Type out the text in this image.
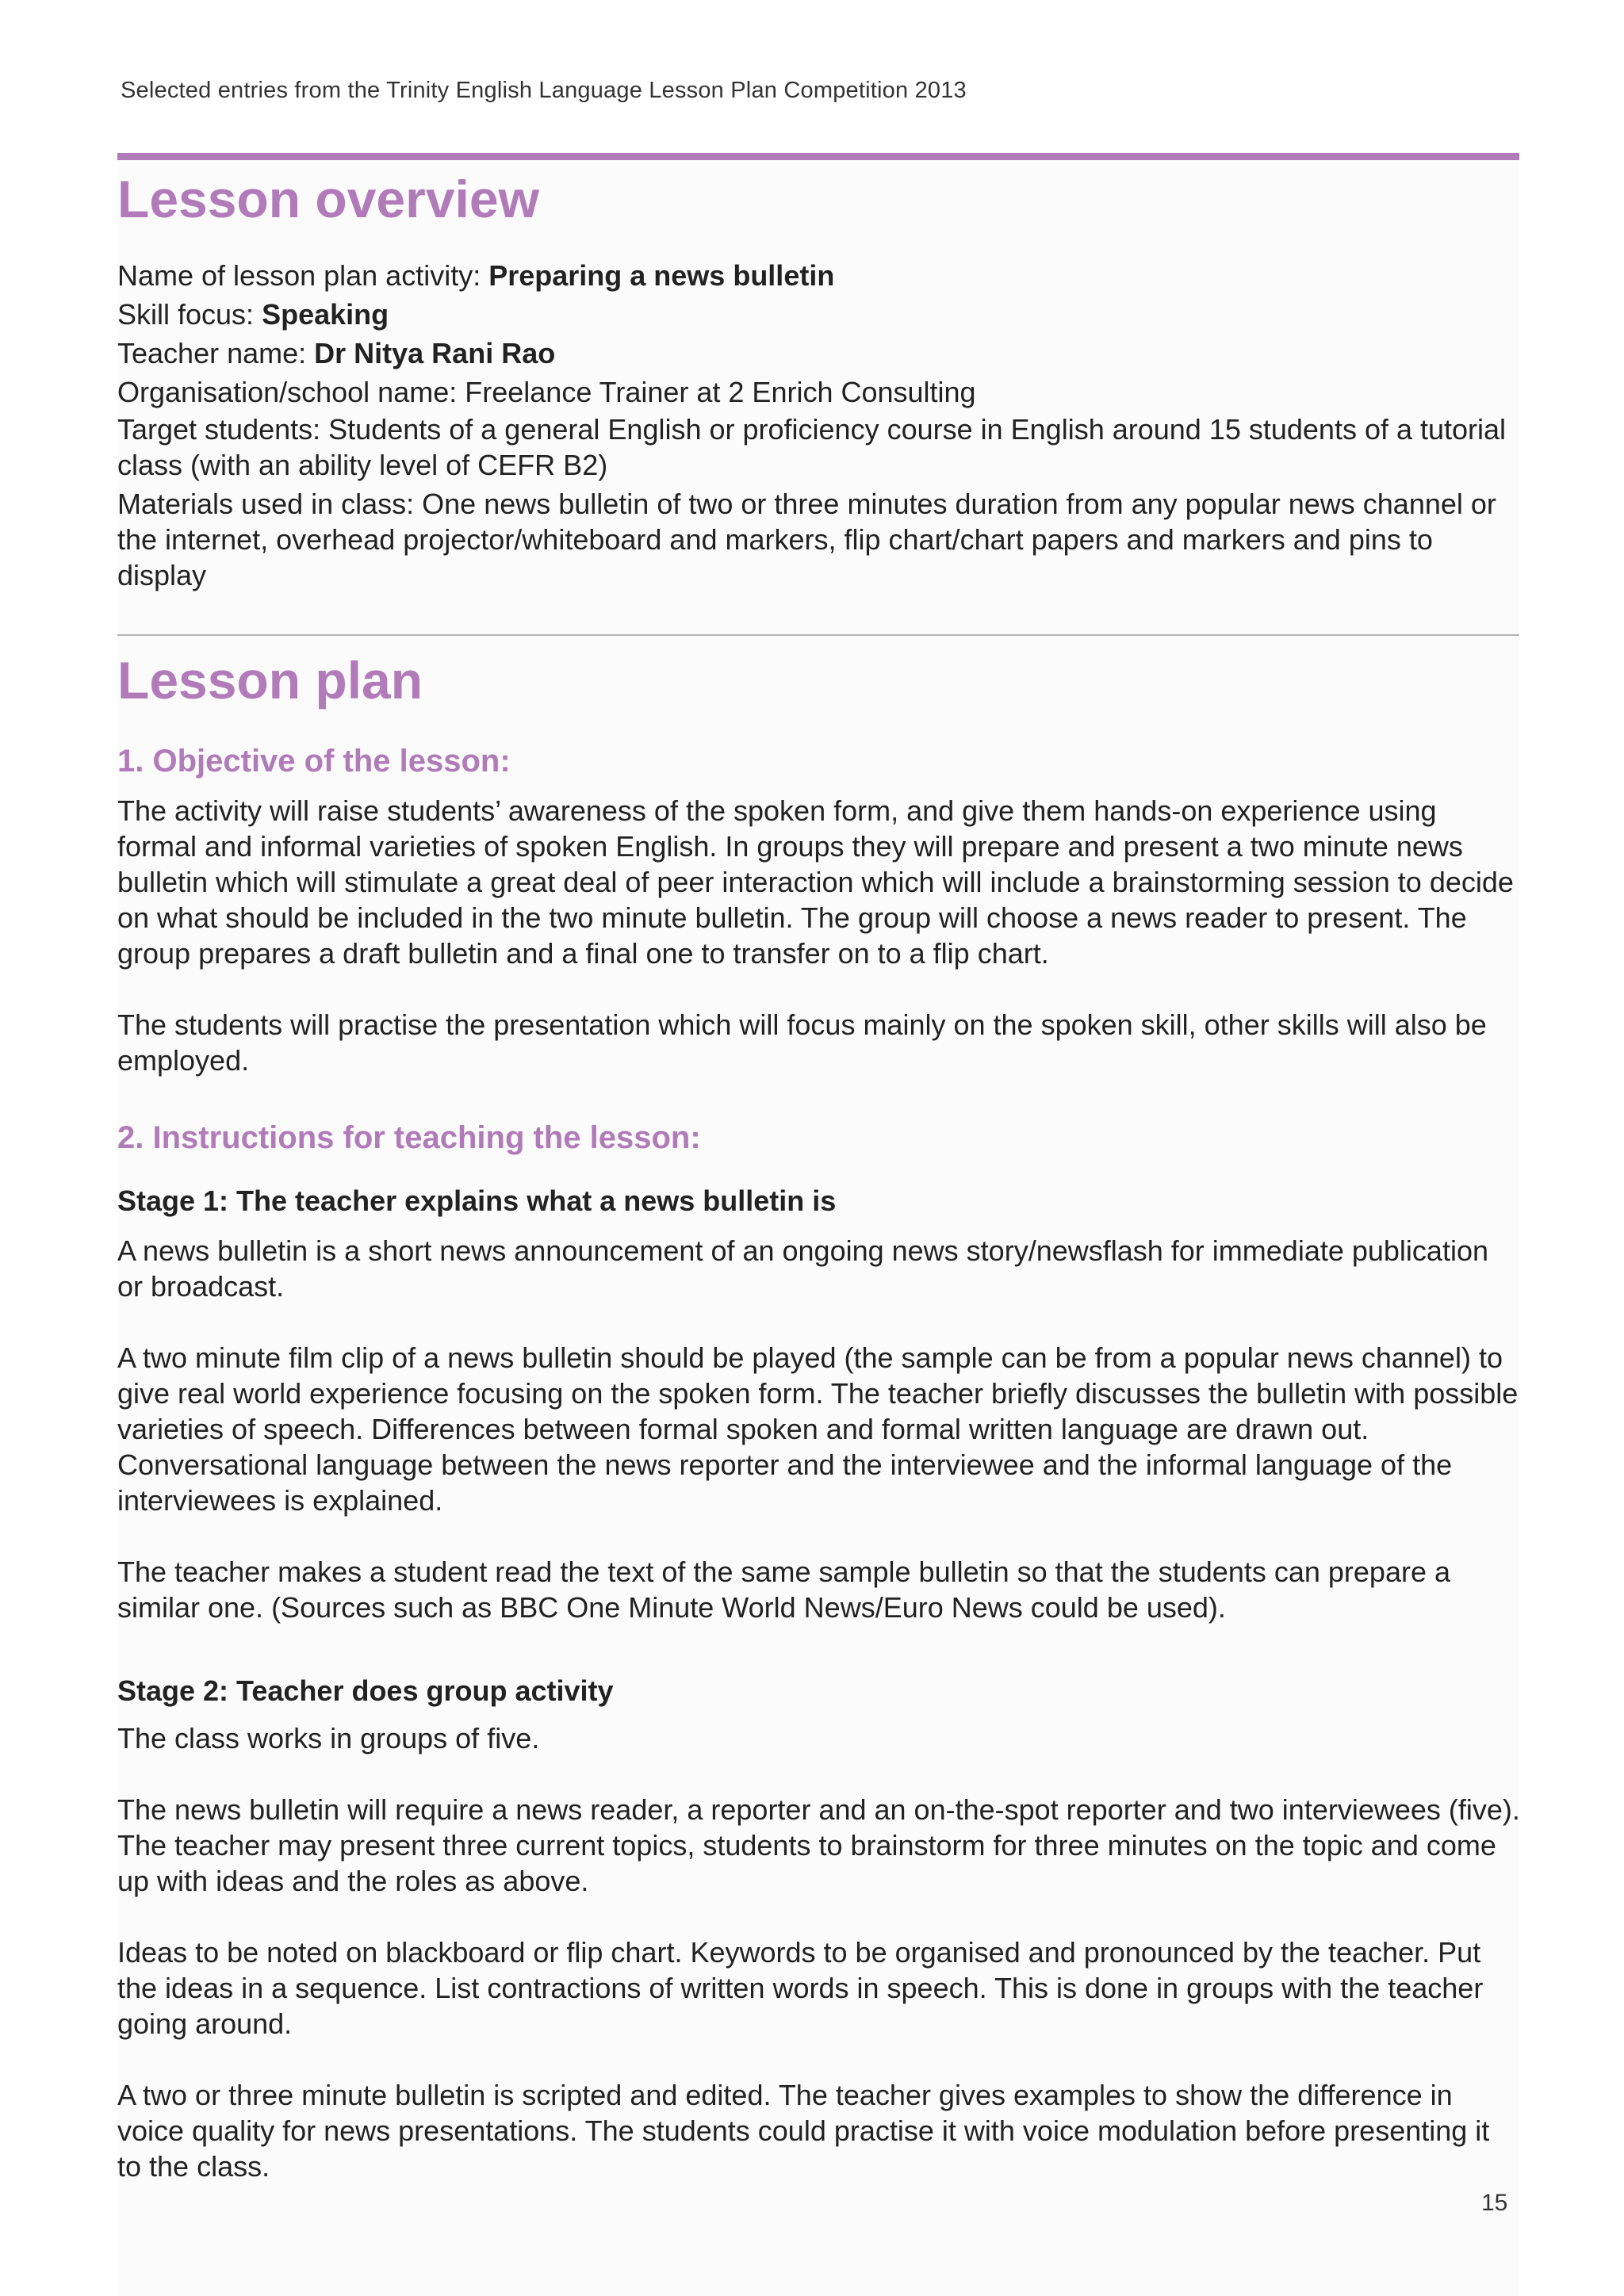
Selected entries from the Trinity English Language Lesson Plan Competition 2013
Lesson overview

Name of lesson plan activity: Preparing a news bulletin

Skill focus: Speaking

Teacher name: Dr Nitya Rani Rao

Organisation/school name: Freelance Trainer at 2 Enrich Consulting

Target students: Students of a general English or proficiency course in English around 15 students of a tutorial class (with an ability level of CEFR B2)

Materials used in class: One news bulletin of two or three minutes duration from any popular news channel or the internet, overhead projector/whiteboard and markers, flip chart/chart papers and markers and pins to display

Lesson plan
1. Objective of the lesson:

The activity will raise students’ awareness of the spoken form, and give them hands-on experience using formal and informal varieties of spoken English. In groups they will prepare and present a two minute news bulletin which will stimulate a great deal of peer interaction which will include a brainstorming session to decide on what should be included in the two minute bulletin. The group will choose a news reader to present. The group prepares a draft bulletin and a final one to transfer on to a flip chart.

The students will practise the presentation which will focus mainly on the spoken skill, other skills will also be employed.

2. Instructions for teaching the lesson:
Stage 1: The teacher explains what a news bulletin is

A news bulletin is a short news announcement of an ongoing news story/newsflash for immediate publication or broadcast.

A two minute film clip of a news bulletin should be played (the sample can be from a popular news channel) to give real world experience focusing on the spoken form. The teacher briefly discusses the bulletin with possible varieties of speech. Differences between formal spoken and formal written language are drawn out. Conversational language between the news reporter and the interviewee and the informal language of the interviewees is explained.

The teacher makes a student read the text of the same sample bulletin so that the students can prepare a similar one. (Sources such as BBC One Minute World News/Euro News could be used).

Stage 2: Teacher does group activity

The class works in groups of five.

The news bulletin will require a news reader, a reporter and an on-the-spot reporter and two interviewees (five). The teacher may present three current topics, students to brainstorm for three minutes on the topic and come up with ideas and the roles as above.

Ideas to be noted on blackboard or flip chart. Keywords to be organised and pronounced by the teacher. Put the ideas in a sequence. List contractions of written words in speech. This is done in groups with the teacher going around.

A two or three minute bulletin is scripted and edited. The teacher gives examples to show the difference in voice quality for news presentations. The students could practise it with voice modulation before presenting it to the class.

15
